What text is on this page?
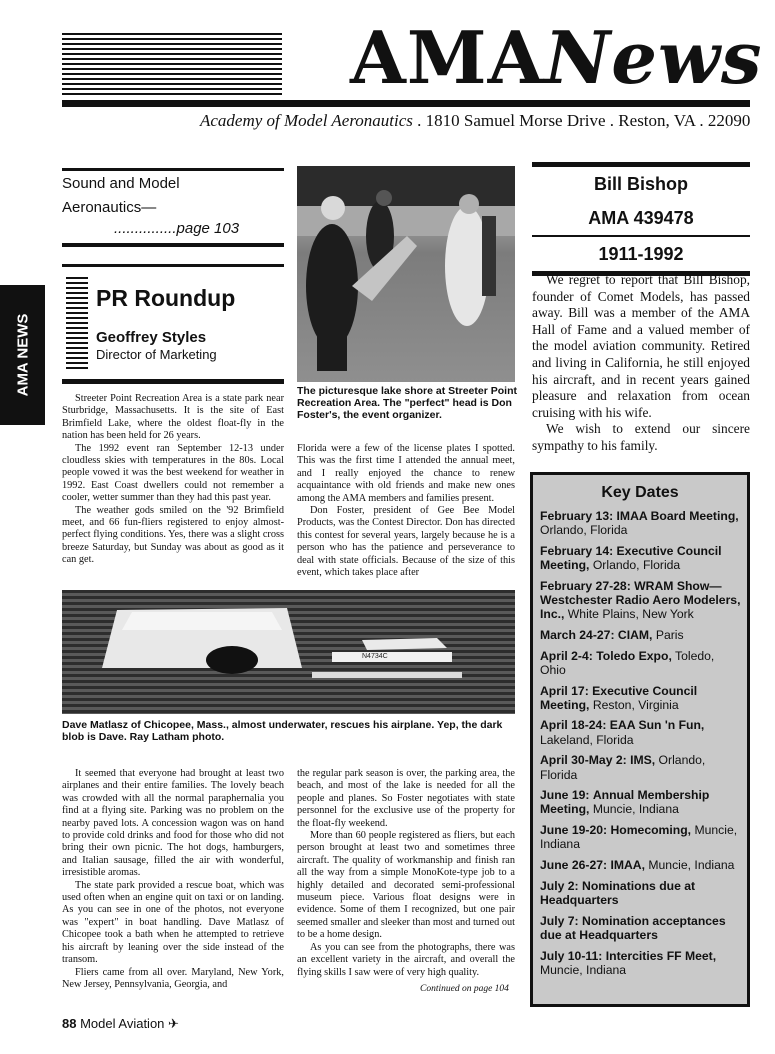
AMANews
Academy of Model Aeronautics . 1810 Samuel Morse Drive . Reston, VA . 22090
AMA NEWS
Sound and Model
Aeronautics—
...............page 103
PR Roundup
Geoffrey Styles
Director of Marketing

Streeter Point Recreation Area is a state park near Sturbridge, Massachusetts. It is the site of East Brimfield Lake, where the oldest float-fly in the nation has been held for 26 years.

The 1992 event ran September 12-13 under cloudless skies with temperatures in the 80s. Local people vowed it was the best weekend for weather in 1992. East Coast dwellers could not remember a cooler, wetter summer than they had this past year.

The weather gods smiled on the '92 Brimfield meet, and 66 fun-fliers registered to enjoy almost-perfect flying conditions. Yes, there was a slight cross breeze Saturday, but Sunday was about as good as it can get.

Florida were a few of the license plates I spotted. This was the first time I attended the annual meet, and I really enjoyed the chance to renew acquaintance with old friends and make new ones among the AMA members and families present.

Don Foster, president of Gee Bee Model Products, was the Contest Director. Don has directed this contest for several years, largely because he is a person who has the patience and perseverance to deal with state officials. Because of the size of this event, which takes place after

It seemed that everyone had brought at least two airplanes and their entire families. The lovely beach was crowded with all the normal paraphernalia you find at a flying site. Parking was no problem on the nearby paved lots. A concession wagon was on hand to provide cold drinks and food for those who did not bring their own picnic. The hot dogs, hamburgers, and Italian sausage, filled the air with wonderful, irresistible aromas.

The state park provided a rescue boat, which was used often when an engine quit on taxi or on landing. As you can see in one of the photos, not everyone was "expert" in boat handling. Dave Matlasz of Chicopee took a bath when he attempted to retrieve his aircraft by leaning over the side instead of the transom.

Fliers came from all over. Maryland, New York, New Jersey, Pennsylvania, Georgia, and

the regular park season is over, the parking area, the beach, and most of the lake is needed for all the people and planes. So Foster negotiates with state personnel for the exclusive use of the property for the float-fly weekend.

More than 60 people registered as fliers, but each person brought at least two and sometimes three aircraft. The quality of workmanship and finish ran all the way from a simple MonoKote-type job to a highly detailed and decorated semi-professional museum piece. Various float designs were in evidence. Some of them I recognized, but one pair seemed smaller and sleeker than most and turned out to be a home design.

As you can see from the photographs, there was an excellent variety in the aircraft, and overall the flying skills I saw were of very high quality.

The picturesque lake shore at Streeter Point Recreation Area. The "perfect" head is Don Foster's, the event organizer.
N4734C
Dave Matlasz of Chicopee, Mass., almost underwater, rescues his airplane. Yep, the dark blob is Dave. Ray Latham photo.
Bill Bishop
AMA 439478
1911-1992

We regret to report that Bill Bishop, founder of Comet Models, has passed away. Bill was a member of the AMA Hall of Fame and a valued member of the model aviation community. Retired and living in California, he still enjoyed his aircraft, and in recent years gained pleasure and relaxation from ocean cruising with his wife.

We wish to extend our sincere sympathy to his family.

Key Dates
February 13: IMAA Board Meeting, Orlando, Florida
February 14: Executive Council Meeting, Orlando, Florida
February 27-28: WRAM Show—Westchester Radio Aero Modelers, Inc., White Plains, New York
March 24-27: CIAM, Paris
April 2-4: Toledo Expo, Toledo, Ohio
April 17: Executive Council Meeting, Reston, Virginia
April 18-24: EAA Sun 'n Fun, Lakeland, Florida
April 30-May 2: IMS, Orlando, Florida
June 19: Annual Membership Meeting, Muncie, Indiana
June 19-20: Homecoming, Muncie, Indiana
June 26-27: IMAA, Muncie, Indiana
July 2: Nominations due at Headquarters
July 7: Nomination acceptances due at Headquarters
July 10-11: Intercities FF Meet, Muncie, Indiana
Continued on page 104
88 Model Aviation ✈
